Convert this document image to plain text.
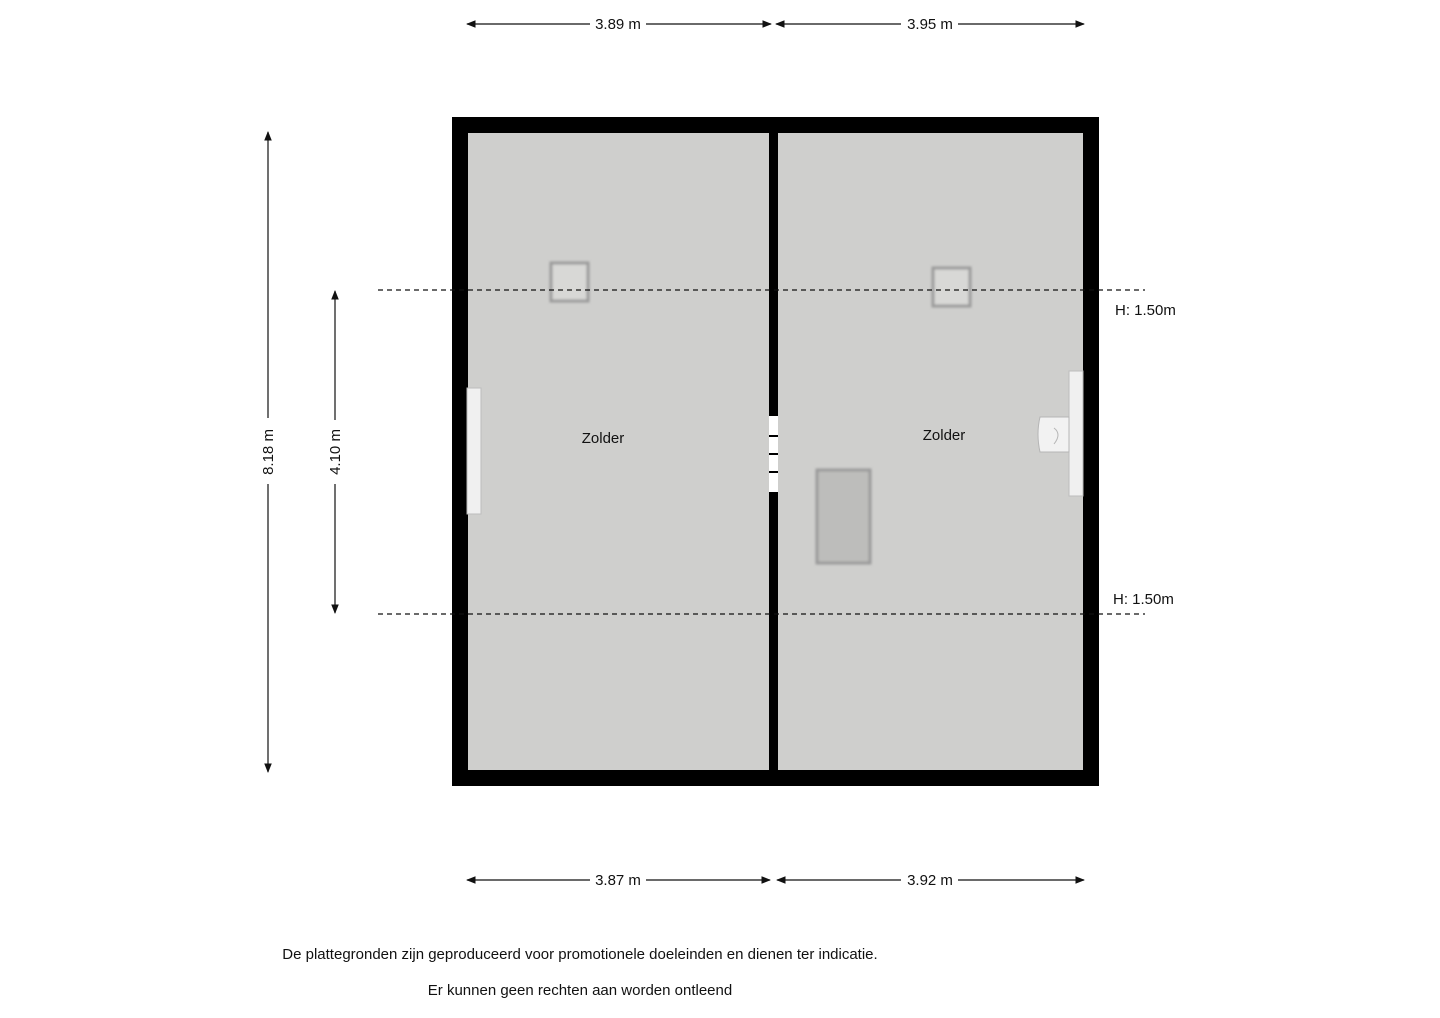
3.89 m	3.95 m
3.87 m	3.92 m
8.18 m	4.10 m	Zolder	Zolder
H: 1.50m
H: 1.50m
De plattegronden zijn geproduceerd voor promotionele doeleinden en dienen ter indicatie.
Er kunnen geen rechten aan worden ontleend
